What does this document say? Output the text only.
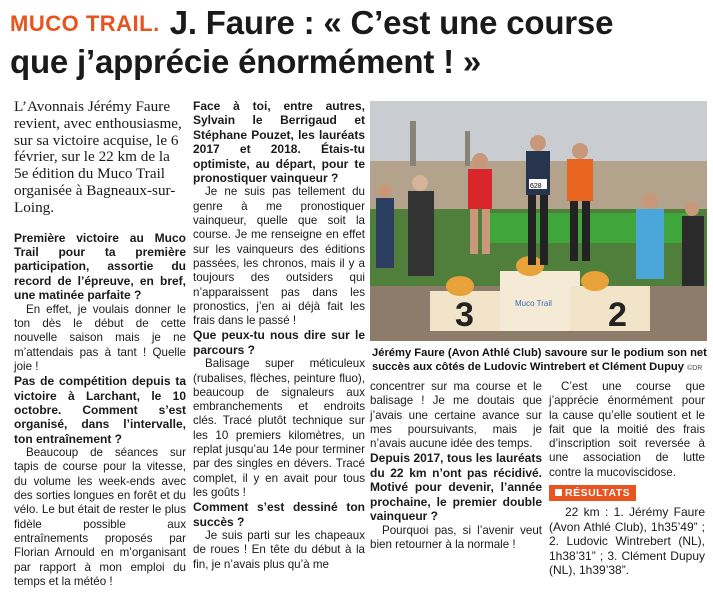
MUCO TRAIL. J. Faure : « C’est une course
que j’apprécie énormément ! »

L’Avonnais Jérémy Faure revient, avec enthousiasme, sur sa victoire acquise, le 6 février, sur le 22 km de la 5e édition du Muco Trail organisée à Bagneaux-sur-Loing.

Première victoire au Muco Trail pour ta première participation, assortie du record de l’épreuve, en bref, une matinée parfaite ?

En effet, je voulais donner le ton dès le début de cette nouvelle saison mais je ne m’attendais pas à tant ! Quelle joie !

Pas de compétition depuis ta victoire à Larchant, le 10 octobre. Comment s’est organisé, dans l’intervalle, ton entraînement ?

Beaucoup de séances sur tapis de course pour la vitesse, du volume les week-ends avec des sorties longues en forêt et du vélo. Le but était de rester le plus fidèle possible aux entraînements proposés par Florian Arnould en m’organisant par rapport à mon emploi du temps et la météo !

Face à toi, entre autres, Sylvain le Berrigaud et Stéphane Pouzet, les lauréats 2017 et 2018. Étais-tu optimiste, au départ, pour te pronostiquer vainqueur ?

Je ne suis pas tellement du genre à me pronostiquer vainqueur, quelle que soit la course. Je me renseigne en effet sur les vainqueurs des éditions passées, les chronos, mais il y a toujours des outsiders qui n’apparaissent pas dans les pronostics, j’en ai déjà fait les frais dans le passé !

Que peux-tu nous dire sur le parcours ?

Balisage super méticuleux (rubalises, flèches, peinture fluo), beaucoup de signaleurs aux embranchements et endroits clés. Tracé plutôt technique sur les 10 premiers kilomètres, un replat jusqu’au 14e pour terminer par des singles en dévers. Tracé complet, il y en avait pour tous les goûts !

Comment s’est dessiné ton succès ?

Je suis parti sur les chapeaux de roues ! En tête du début à la fin, je n’avais plus qu’à me

3	2
Muco Trail
628
Jérémy Faure (Avon Athlé Club) savoure sur le podium son net succès aux côtés de Ludovic Wintrebert et Clément Dupuy ©DR

concentrer sur ma course et le balisage ! Je me doutais que j’avais une certaine avance sur mes poursuivants, mais je n’avais aucune idée des temps.

Depuis 2017, tous les lauréats du 22 km n’ont pas récidivé. Motivé pour devenir, l’année prochaine, le premier double vainqueur ?

Pourquoi pas, si l’avenir veut bien retourner à la normale !

C’est une course que j’apprécie énormément pour la cause qu’elle soutient et le fait que la moitié des frais d’inscription soit reversée à une association de lutte contre la mucoviscidose.

RÉSULTATS

22 km : 1. Jérémy Faure (Avon Athlé Club), 1h35’49” ; 2. Ludovic Wintrebert (NL), 1h38’31” ; 3. Clément Dupuy (NL), 1h39’38”.
